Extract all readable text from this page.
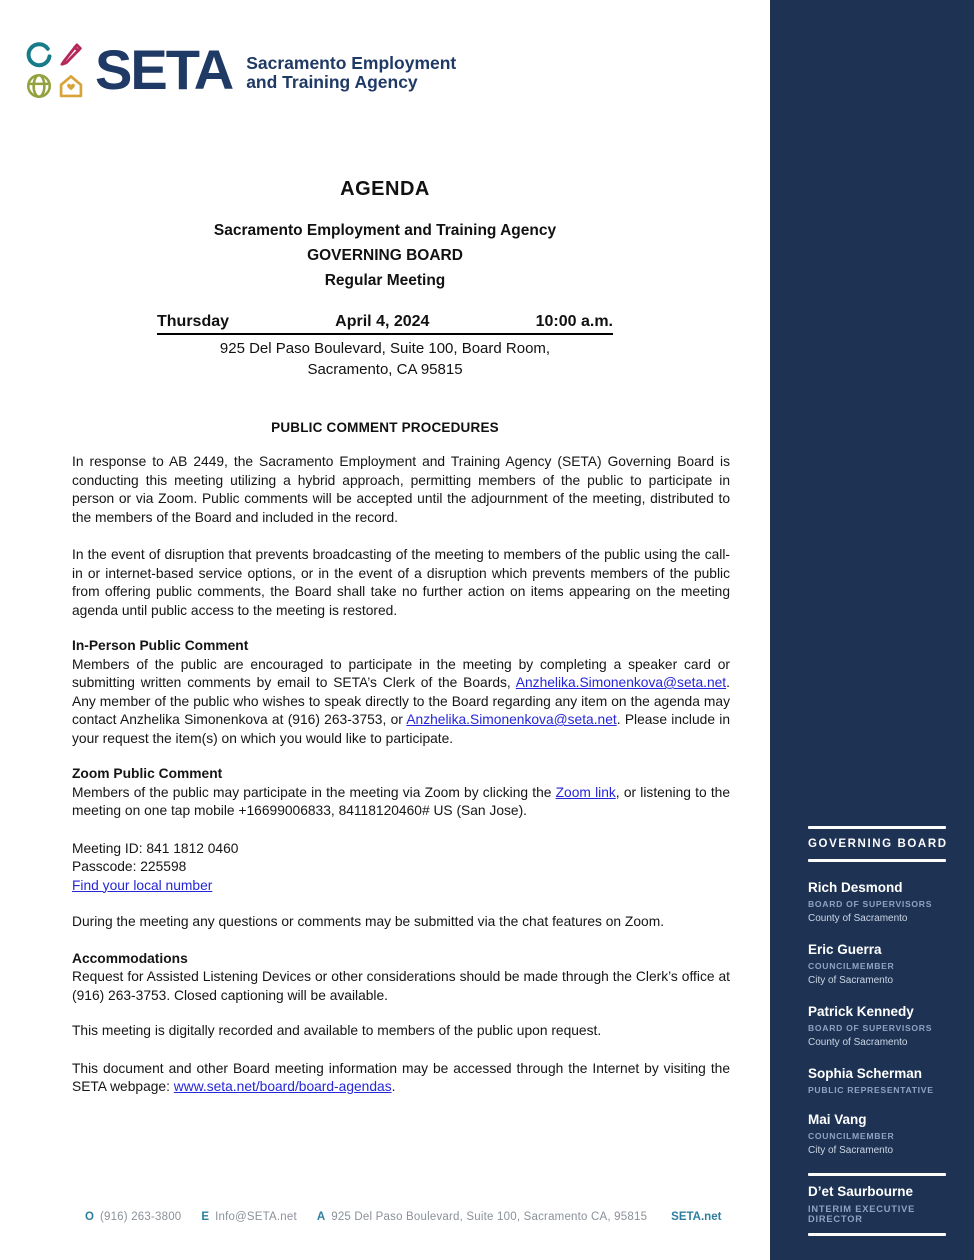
SETA Sacramento Employment
and Training Agency
AGENDA
Sacramento Employment and Training Agency
GOVERNING BOARD
Regular Meeting
Thursday	April 4, 2024	10:00 a.m.
925 Del Paso Boulevard, Suite 100, Board Room,
Sacramento, CA 95815
PUBLIC COMMENT PROCEDURES

In response to AB 2449, the Sacramento Employment and Training Agency (SETA) Governing Board is conducting this meeting utilizing a hybrid approach, permitting members of the public to participate in person or via Zoom. Public comments will be accepted until the adjournment of the meeting, distributed to the members of the Board and included in the record.

In the event of disruption that prevents broadcasting of the meeting to members of the public using the call-in or internet-based service options, or in the event of a disruption which prevents members of the public from offering public comments, the Board shall take no further action on items appearing on the meeting agenda until public access to the meeting is restored.

In-Person Public Comment

Members of the public are encouraged to participate in the meeting by completing a speaker card or submitting written comments by email to SETA’s Clerk of the Boards, Anzhelika.Simonenkova@seta.net. Any member of the public who wishes to speak directly to the Board regarding any item on the agenda may contact Anzhelika Simonenkova at (916) 263-3753, or Anzhelika.Simonenkova@seta.net. Please include in your request the item(s) on which you would like to participate.

Zoom Public Comment

Members of the public may participate in the meeting via Zoom by clicking the Zoom link, or listening to the meeting on one tap mobile +16699006833, 84118120460# US (San Jose).

Meeting ID: 841 1812 0460
Passcode: 225598
Find your local number

During the meeting any questions or comments may be submitted via the chat features on Zoom.

Accommodations

Request for Assisted Listening Devices or other considerations should be made through the Clerk’s office at (916) 263-3753. Closed captioning will be available.

This meeting is digitally recorded and available to members of the public upon request.

This document and other Board meeting information may be accessed through the Internet by visiting the SETA webpage: www.seta.net/board/board-agendas.

GOVERNING BOARD
Rich Desmond
BOARD OF SUPERVISORS
County of Sacramento
Eric Guerra
COUNCILMEMBER
City of Sacramento
Patrick Kennedy
BOARD OF SUPERVISORS
County of Sacramento
Sophia Scherman
PUBLIC REPRESENTATIVE
Mai Vang
COUNCILMEMBER
City of Sacramento
D’et Saurbourne
INTERIM EXECUTIVE DIRECTOR
O (916) 263-3800 E Info@SETA.net A 925 Del Paso Boulevard, Suite 100, Sacramento CA, 95815 SETA.net
